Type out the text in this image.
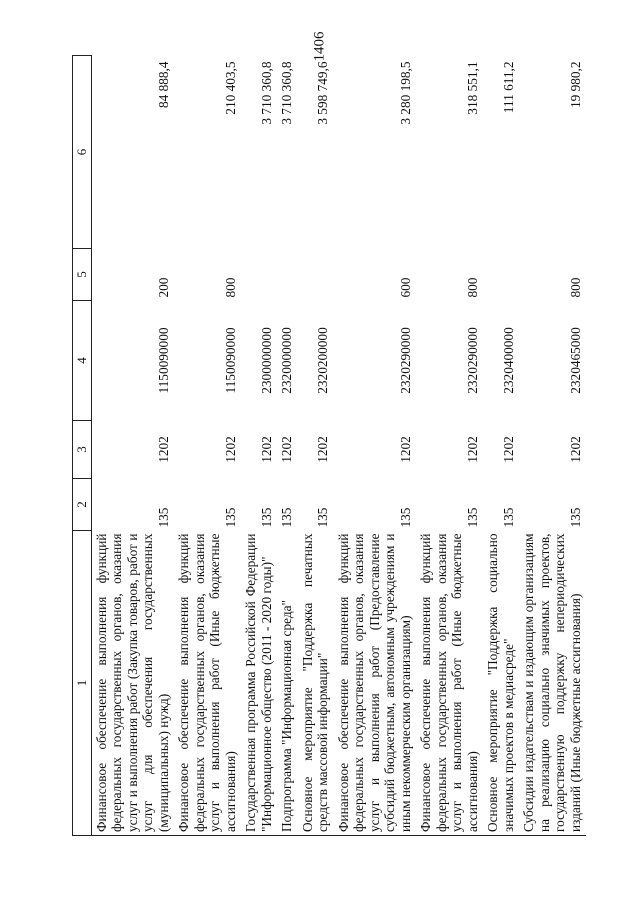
1406
1	2	3	4	5	6
Финансовое обеспечение выполнения функций федеральных государственных органов, оказания услуг и выполнения работ (Закупка товаров, работ и услуг для обеспечения государственных (муниципальных) нужд)	135	1202	1150090000	200	84 888,4
Финансовое обеспечение выполнения функций федеральных государственных органов, оказания услуг и выполнения работ (Иные бюджетные ассигнования)	135	1202	1150090000	800	210 403,5
Государственная программа Российской Федерации "Информационное общество (2011 - 2020 годы)"	135	1202	2300000000		3 710 360,8
Подпрограмма "Информационная среда"	135	1202	2320000000		3 710 360,8
Основное мероприятие "Поддержка печатных средств массовой информации"	135	1202	2320200000		3 598 749,6
Финансовое обеспечение выполнения функций федеральных государственных органов, оказания услуг и выполнения работ (Предоставление субсидий бюджетным, автономным учреждениям и иным некоммерческим организациям)	135	1202	2320290000	600	3 280 198,5
Финансовое обеспечение выполнения функций федеральных государственных органов, оказания услуг и выполнения работ (Иные бюджетные ассигнования)	135	1202	2320290000	800	318 551,1
Основное мероприятие "Поддержка социально значимых проектов в медиасреде"	135	1202	2320400000		111 611,2
Субсидии издательствам и издающим организациям на реализацию социально значимых проектов, государственную поддержку непериодических изданий (Иные бюджетные ассигнования)	135	1202	2320465000	800	19 980,2
